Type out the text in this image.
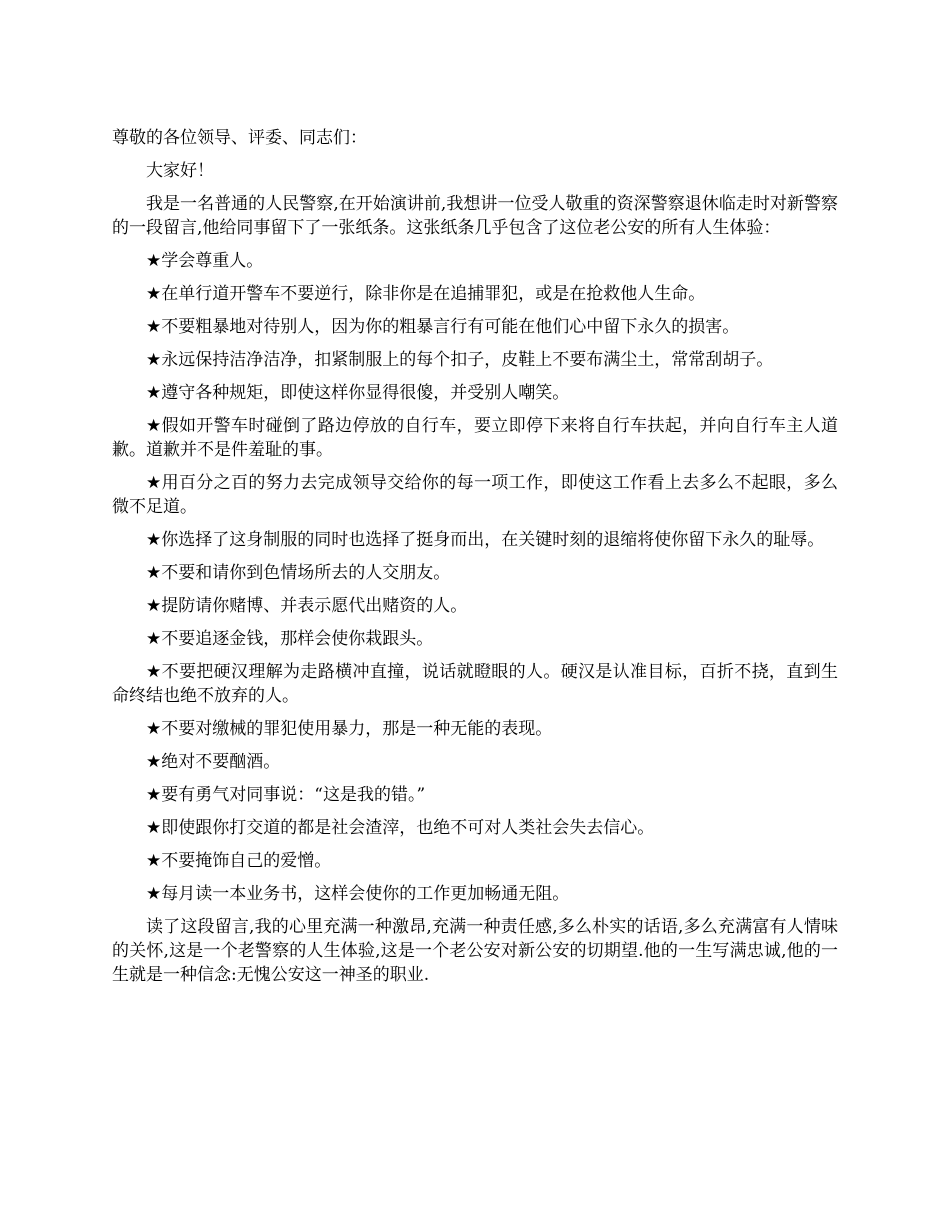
尊敬的各位领导、评委、同志们：

大家好！

我是一名普通的人民警察,在开始演讲前,我想讲一位受人敬重的资深警察退休临走时对新警察的一段留言,他给同事留下了一张纸条。这张纸条几乎包含了这位老公安的所有人生体验：

★学会尊重人。

★在单行道开警车不要逆行，除非你是在追捕罪犯，或是在抢救他人生命。

★不要粗暴地对待别人，因为你的粗暴言行有可能在他们心中留下永久的损害。

★永远保持洁净洁净，扣紧制服上的每个扣子，皮鞋上不要布满尘土，常常刮胡子。

★遵守各种规矩，即使这样你显得很傻，并受别人嘲笑。

★假如开警车时碰倒了路边停放的自行车，要立即停下来将自行车扶起，并向自行车主人道歉。道歉并不是件羞耻的事。

★用百分之百的努力去完成领导交给你的每一项工作，即使这工作看上去多么不起眼，多么微不足道。

★你选择了这身制服的同时也选择了挺身而出，在关键时刻的退缩将使你留下永久的耻辱。

★不要和请你到色情场所去的人交朋友。

★提防请你赌博、并表示愿代出赌资的人。

★不要追逐金钱，那样会使你栽跟头。

★不要把硬汉理解为走路横冲直撞，说话就瞪眼的人。硬汉是认准目标，百折不挠，直到生命终结也绝不放弃的人。

★不要对缴械的罪犯使用暴力，那是一种无能的表现。

★绝对不要酗酒。

★要有勇气对同事说：“这是我的错。”

★即使跟你打交道的都是社会渣滓，也绝不可对人类社会失去信心。

★不要掩饰自己的爱憎。

★每月读一本业务书，这样会使你的工作更加畅通无阻。

读了这段留言,我的心里充满一种激昂,充满一种责任感,多么朴实的话语,多么充满富有人情味的关怀,这是一个老警察的人生体验,这是一个老公安对新公安的切期望.他的一生写满忠诚,他的一生就是一种信念:无愧公安这一神圣的职业.
